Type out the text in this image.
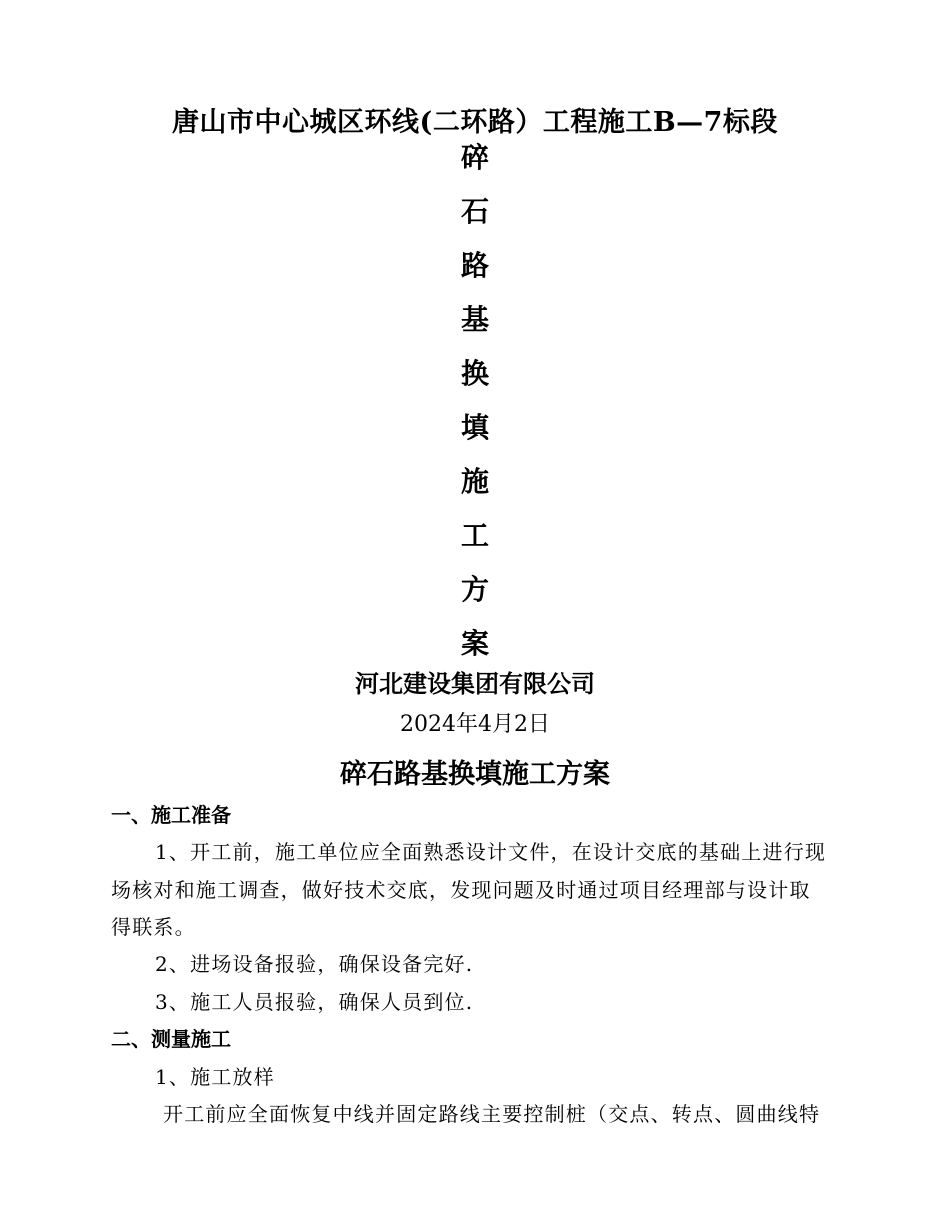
唐山市中心城区环线(二环路）工程施工B—7标段
碎
石
路
基
换
填
施
工
方
案
河北建设集团有限公司
2024年4月2日
碎石路基换填施工方案
一、施工准备
1、开工前，施工单位应全面熟悉设计文件，在设计交底的基础上进行现
场核对和施工调查，做好技术交底，发现问题及时通过项目经理部与设计取
得联系。
2、进场设备报验，确保设备完好.
3、施工人员报验，确保人员到位.
二、测量施工
1、施工放样
开工前应全面恢复中线并固定路线主要控制桩（交点、转点、圆曲线特
